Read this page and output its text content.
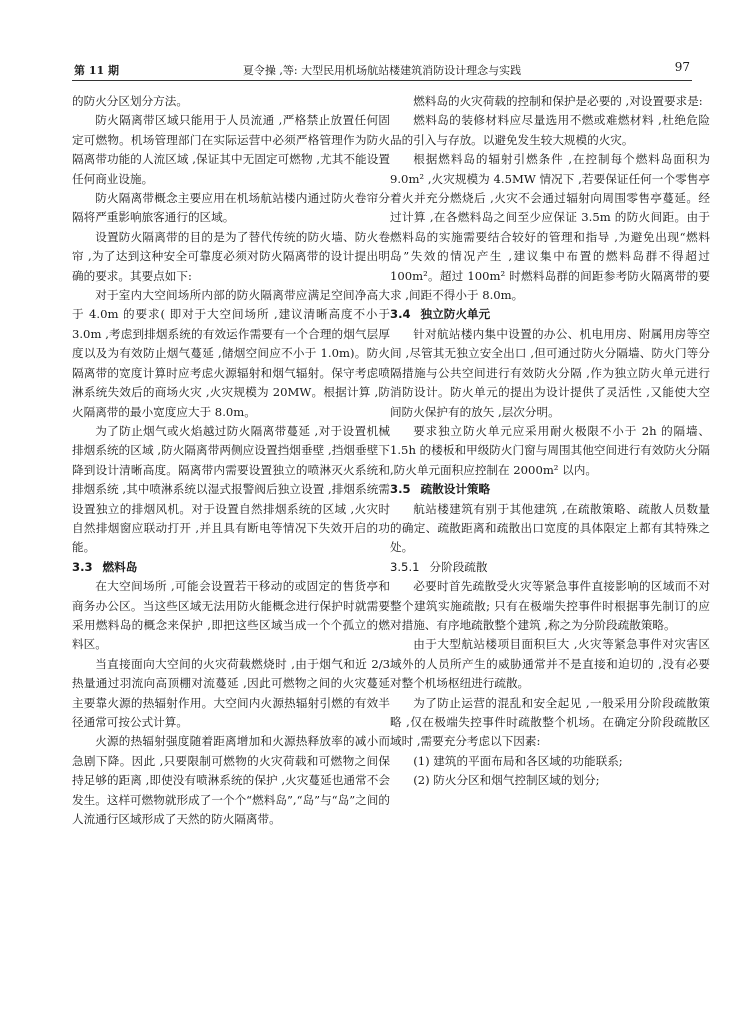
第 11 期	夏令操 ,等: 大型民用机场航站楼建筑消防设计理念与实践	97

的防火分区划分方法。

防火隔离带区域只能用于人员流通 ,严格禁止放置任何固定可燃物。机场管理部门在实际运营中必须严格管理作为防火隔离带功能的人流区域 ,保证其中无固定可燃物 ,尤其不能设置任何商业设施。

防火隔离带概念主要应用在机场航站楼内通过防火卷帘分隔将严重影响旅客通行的区域。

设置防火隔离带的目的是为了替代传统的防火墙、防火卷帘 ,为了达到这种安全可靠度必须对防火隔离带的设计提出明确的要求。其要点如下:

对于室内大空间场所内部的防火隔离带应满足空间净高大于 4.0m 的要求( 即对于大空间场所 ,建议清晰高度不小于 3.0m ,考虑到排烟系统的有效运作需要有一个合理的烟气层厚度以及为有效防止烟气蔓延 ,储烟空间应不小于 1.0m)。防火隔离带的宽度计算时应考虑火源辐射和烟气辐射。保守考虑喷淋系统失效后的商场火灾 ,火灾规模为 20MW。根据计算 ,防火隔离带的最小宽度应大于 8.0m。

为了防止烟气或火焰越过防火隔离带蔓延 ,对于设置机械排烟系统的区域 ,防火隔离带两侧应设置挡烟垂壁 ,挡烟垂壁下降到设计清晰高度。隔离带内需要设置独立的喷淋灭火系统和排烟系统 ,其中喷淋系统以湿式报警阀后独立设置 ,排烟系统需设置独立的排烟风机。对于设置自然排烟系统的区域 ,火灾时自然排烟窗应联动打开 ,并且具有断电等情况下失效开启的功能。

3.3 燃料岛

在大空间场所 ,可能会设置若干移动的或固定的售货亭和商务办公区。当这些区域无法用防火能概念进行保护时就需要采用燃料岛的概念来保护 ,即把这些区域当成一个个孤立的燃料区。

当直接面向大空间的火灾荷载燃烧时 ,由于烟气和近 2/3 热量通过羽流向高顶棚对流蔓延 ,因此可燃物之间的火灾蔓延主要靠火源的热辐射作用。大空间内火源热辐射引燃的有效半径通常可按公式计算。

火源的热辐射强度随着距离增加和火源热释放率的减小而急剧下降。因此 ,只要限制可燃物的火灾荷载和可燃物之间保持足够的距离 ,即使没有喷淋系统的保护 ,火灾蔓延也通常不会发生。这样可燃物就形成了一个个“燃料岛”,“岛”与“岛”之间的人流通行区域形成了天然的防火隔离带。

燃料岛的火灾荷载的控制和保护是必要的 ,对设置要求是:

燃料岛的装修材料应尽量选用不燃或难燃材料 ,杜绝危险品的引入与存放。以避免发生较大规模的火灾。

根据燃料岛的辐射引燃条件 ,在控制每个燃料岛面积为 9.0m² ,火灾规模为 4.5MW 情况下 ,若要保证任何一个零售亭着火并充分燃烧后 ,火灾不会通过辐射向周围零售亭蔓延。经过计算 ,在各燃料岛之间至少应保证 3.5m 的防火间距。由于燃料岛的实施需要结合较好的管理和指导 ,为避免出现“燃料岛”失效的情况产生 ,建议集中布置的燃料岛群不得超过 100m²。超过 100m² 时燃料岛群的间距参考防火隔离带的要求 ,间距不得小于 8.0m。

3.4 独立防火单元

针对航站楼内集中设置的办公、机电用房、附属用房等空间 ,尽管其无独立安全出口 ,但可通过防火分隔墙、防火门等分隔措施与公共空间进行有效防火分隔 ,作为独立防火单元进行消防设计。防火单元的提出为设计提供了灵活性 ,又能使大空间防火保护有的放矢 ,层次分明。

要求独立防火单元应采用耐火极限不小于 2h 的隔墙、1.5h 的楼板和甲级防火门窗与周围其他空间进行有效防火分隔 ,防火单元面积应控制在 2000m² 以内。

3.5 疏散设计策略

航站楼建筑有别于其他建筑 ,在疏散策略、疏散人员数量的确定、疏散距离和疏散出口宽度的具体限定上都有其特殊之处。

3.5.1 分阶段疏散

必要时首先疏散受火灾等紧急事件直接影响的区域而不对整个建筑实施疏散; 只有在极端失控事件时根据事先制订的应对措施、有序地疏散整个建筑 ,称之为分阶段疏散策略。

由于大型航站楼项目面积巨大 ,火灾等紧急事件对灾害区域外的人员所产生的威胁通常并不是直接和迫切的 ,没有必要对整个机场枢纽进行疏散。

为了防止运营的混乱和安全起见 ,一般采用分阶段疏散策略 ,仅在极端失控事件时疏散整个机场。在确定分阶段疏散区域时 ,需要充分考虑以下因素:

(1) 建筑的平面布局和各区域的功能联系;

(2) 防火分区和烟气控制区域的划分;
